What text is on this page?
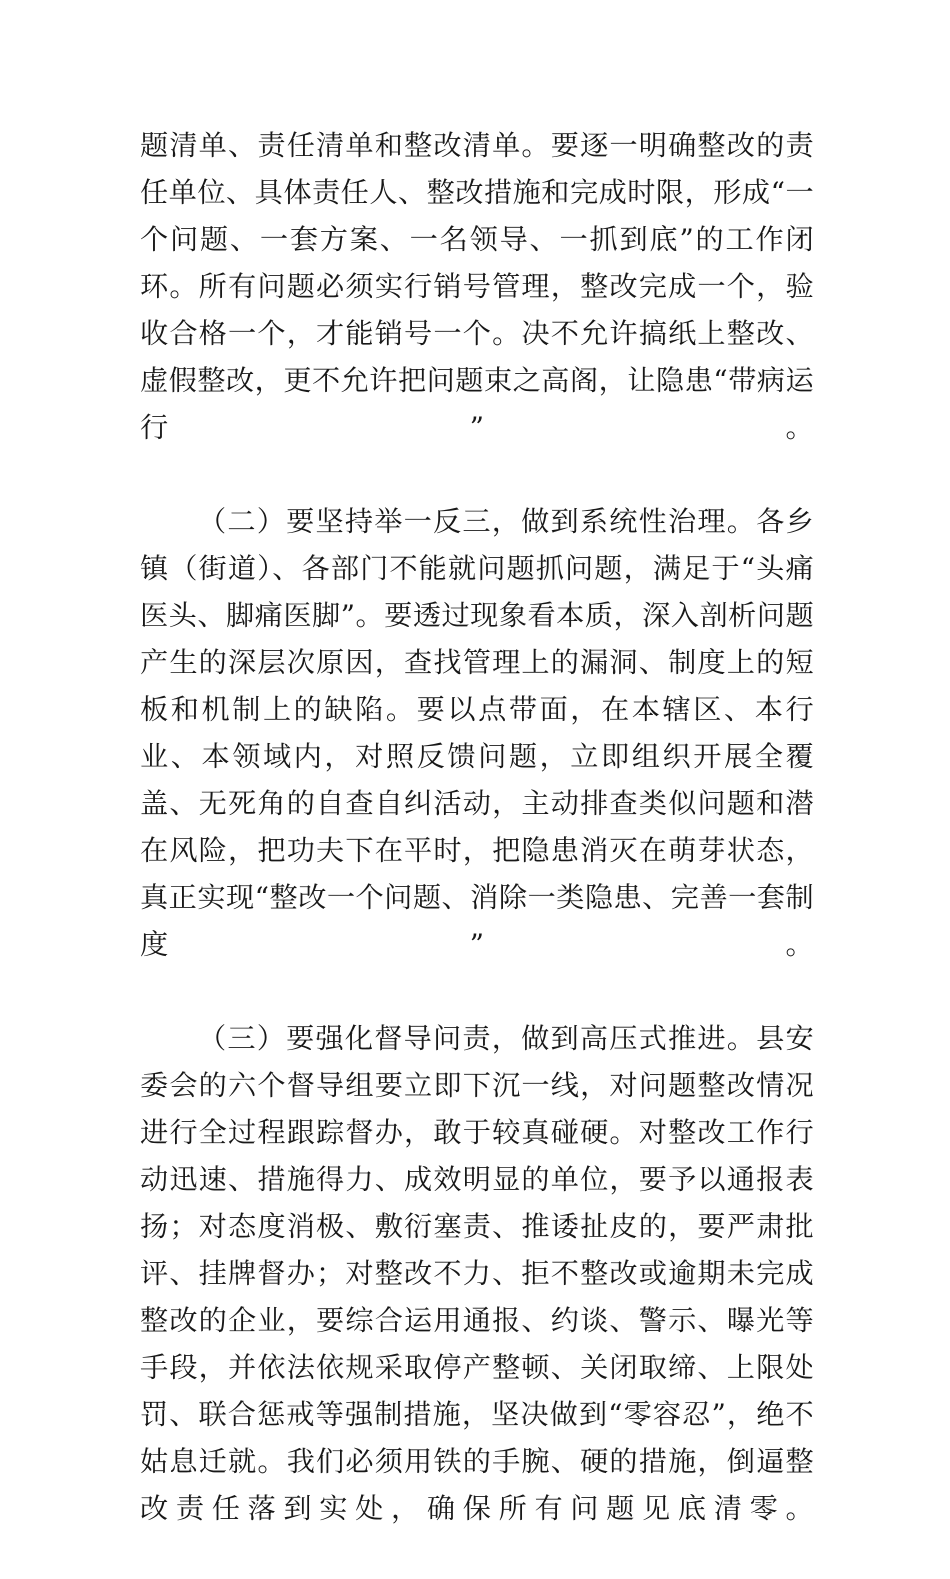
题清单、责任清单和整改清单。要逐一明确整改的责任单位、具体责任人、整改措施和完成时限，形成“一个问题、一套方案、一名领导、一抓到底”的工作闭环。所有问题必须实行销号管理，整改完成一个，验收合格一个，才能销号一个。决不允许搞纸上整改、虚假整改，更不允许把问题束之高阁，让隐患“带病运行”。

（二）要坚持举一反三，做到系统性治理。各乡镇（街道）、各部门不能就问题抓问题，满足于“头痛医头、脚痛医脚”。要透过现象看本质，深入剖析问题产生的深层次原因，查找管理上的漏洞、制度上的短板和机制上的缺陷。要以点带面，在本辖区、本行业、本领域内，对照反馈问题，立即组织开展全覆盖、无死角的自查自纠活动，主动排查类似问题和潜在风险，把功夫下在平时，把隐患消灭在萌芽状态，真正实现“整改一个问题、消除一类隐患、完善一套制度”。

（三）要强化督导问责，做到高压式推进。县安委会的六个督导组要立即下沉一线，对问题整改情况进行全过程跟踪督办，敢于较真碰硬。对整改工作行动迅速、措施得力、成效明显的单位，要予以通报表扬；对态度消极、敷衍塞责、推诿扯皮的，要严肃批评、挂牌督办；对整改不力、拒不整改或逾期未完成整改的企业，要综合运用通报、约谈、警示、曝光等手段，并依法依规采取停产整顿、关闭取缔、上限处罚、联合惩戒等强制措施，坚决做到“零容忍”，绝不姑息迁就。我们必须用铁的手腕、硬的措施，倒逼整改责任落到实处，确保所有问题见底清零。
